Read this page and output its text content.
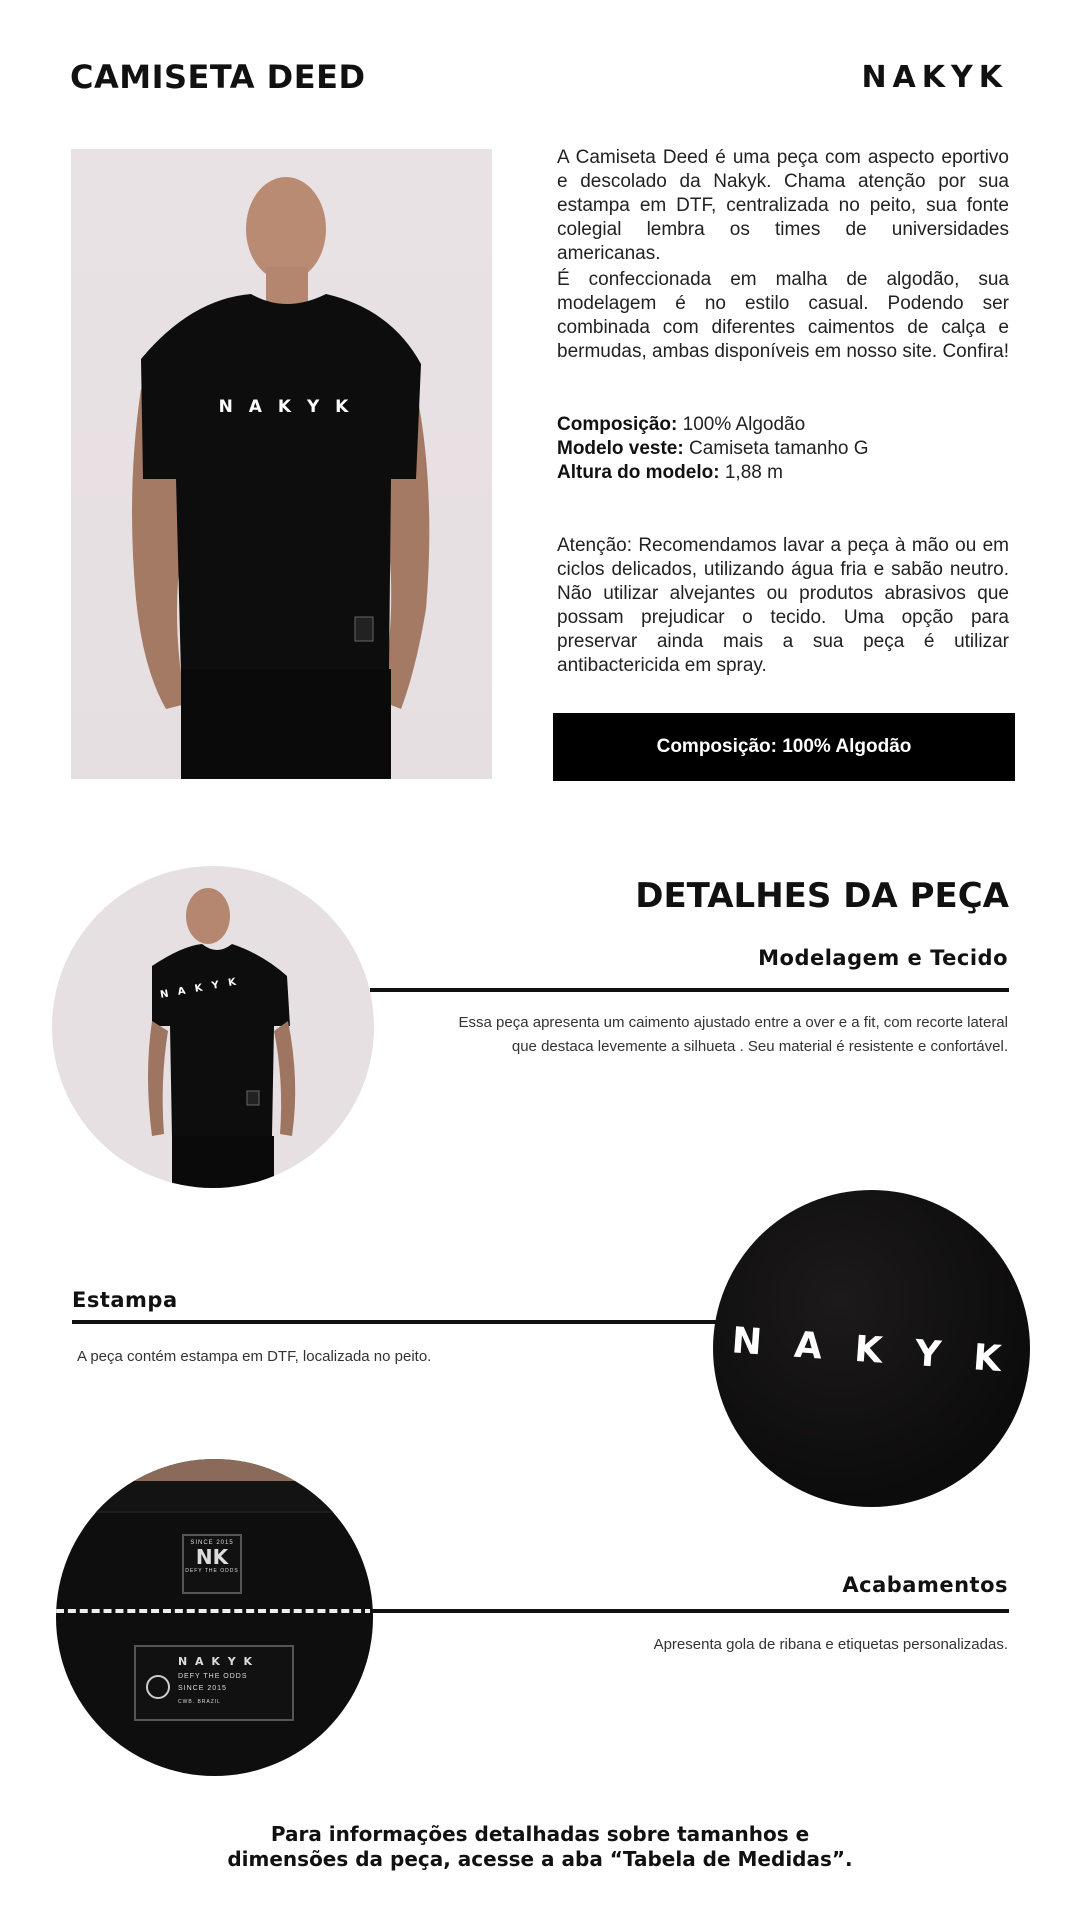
CAMISETA DEED	NAKYK
N A K Y K
A Camiseta Deed é uma peça com aspecto eportivo e descolado da Nakyk. Chama atenção por sua estampa em DTF, centralizada no peito, sua fonte colegial lembra os times de universidades americanas.
É confeccionada em malha de algodão, sua modelagem é no estilo casual. Podendo ser combinada com diferentes caimentos de calça e bermudas, ambas disponíveis em nosso site. Confira!
Composição: 100% Algodão
Modelo veste: Camiseta tamanho G
Altura do modelo: 1,88 m
Atenção: Recomendamos lavar a peça à mão ou em ciclos delicados, utilizando água fria e sabão neutro. Não utilizar alvejantes ou produtos abrasivos que possam prejudicar o tecido. Uma opção para preservar ainda mais a sua peça é utilizar antibactericida em spray.
Composição: 100% Algodão
DETALHES DA PEÇA
N A K Y K
Modelagem e Tecido
Essa peça apresenta um caimento ajustado entre a over e a fit, com recorte lateral
que destaca levemente a silhueta . Seu material é resistente e confortável.
Estampa
A peça contém estampa em DTF, localizada no peito.	N A K Y K
SINCE 2015
NK
DEFY THE ODDS
N A K Y K
DEFY THE ODDS
SINCE 2015
CWB. BRAZIL
Acabamentos
Apresenta gola de ribana e etiquetas personalizadas.
Para informações detalhadas sobre tamanhos e
dimensões da peça, acesse a aba “Tabela de Medidas”.
